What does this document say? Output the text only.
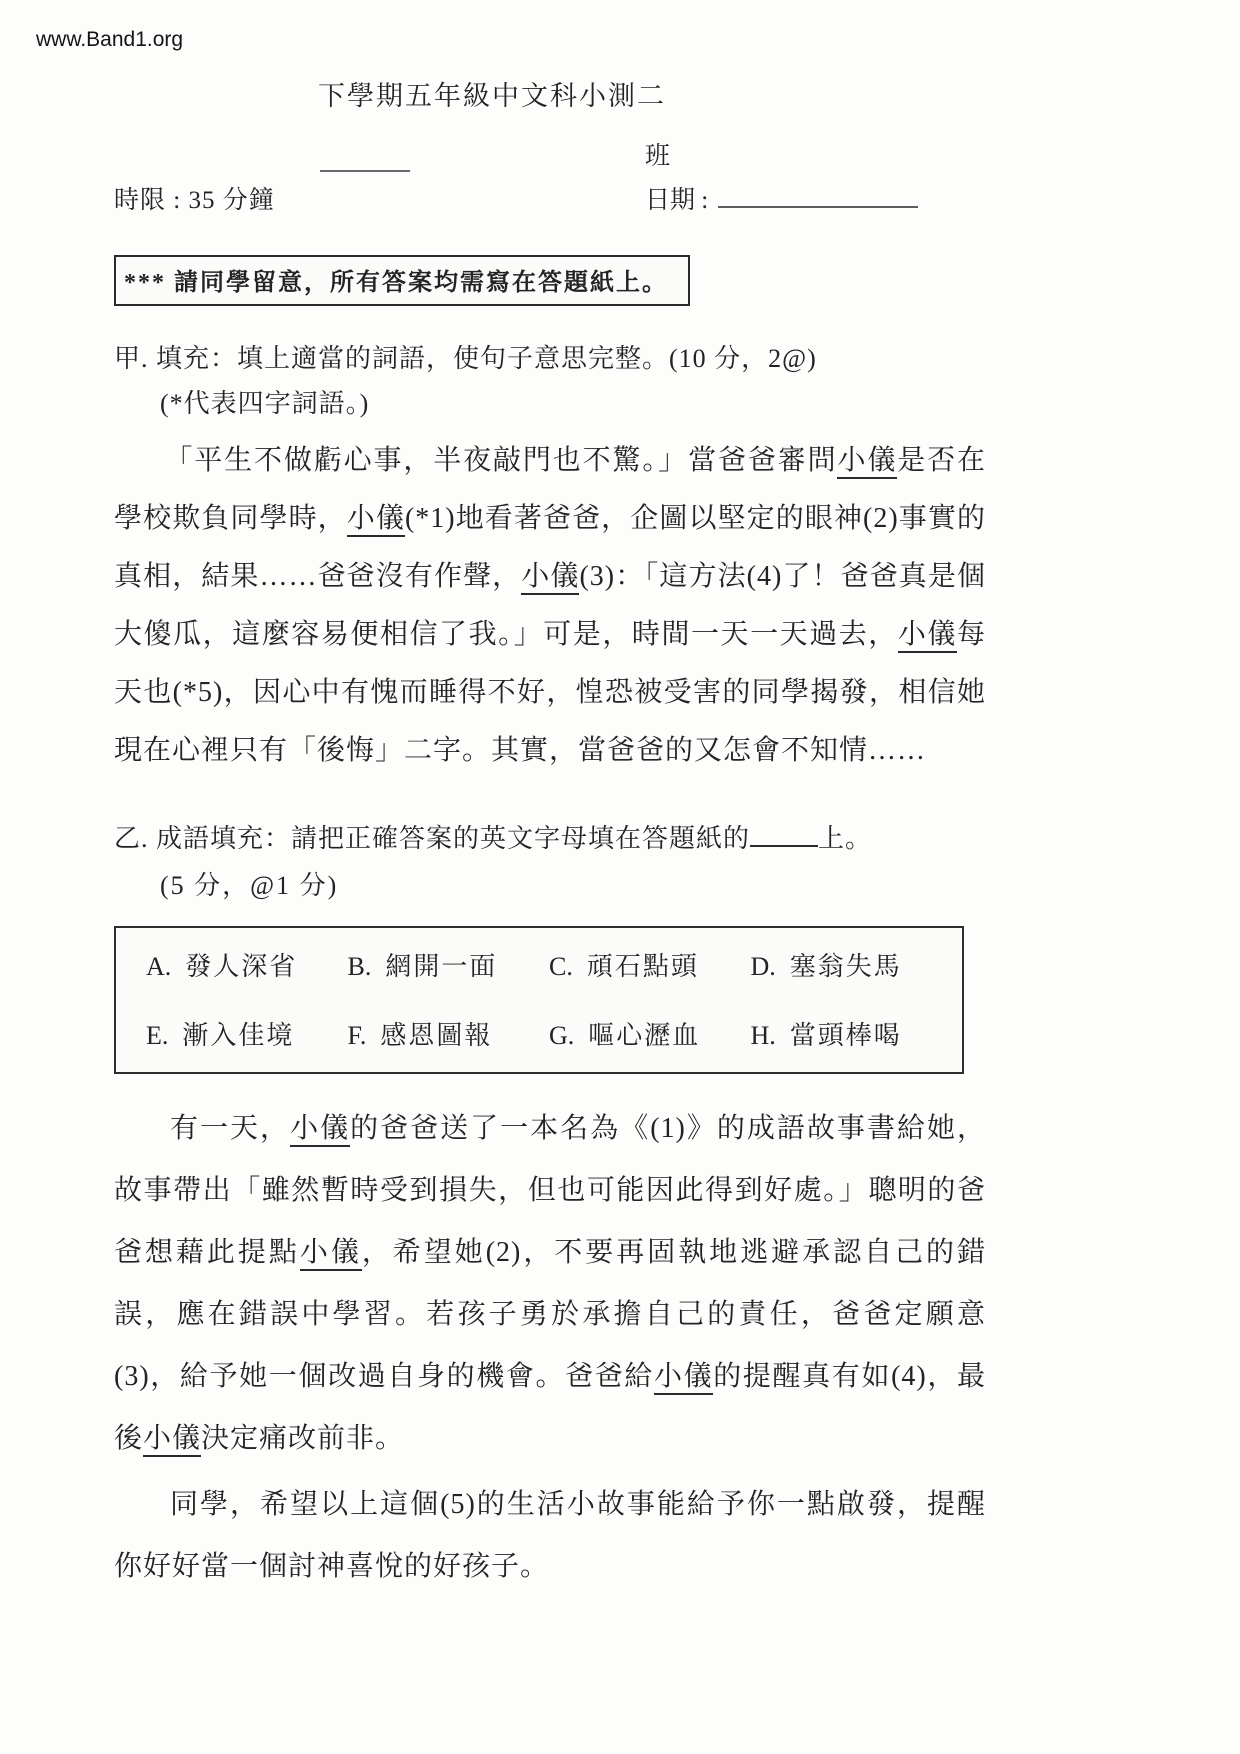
www.Band1.org
下學期五年級中文科小測二
班
時限 : 35 分鐘	日期 :
*** 請同學留意，所有答案均需寫在答題紙上。
甲. 填充：填上適當的詞語，使句子意思完整。(10 分，2@)
(*代表四字詞語。)
「平生不做虧心事，半夜敲門也不驚。」當爸爸審問小儀是否在學校欺負同學時，小儀(*1)地看著爸爸，企圖以堅定的眼神(2)事實的真相，結果……爸爸沒有作聲，小儀(3)：「這方法(4)了！爸爸真是個大傻瓜，這麼容易便相信了我。」可是，時間一天一天過去，小儀每天也(*5)，因心中有愧而睡得不好，惶恐被受害的同學揭發，相信她現在心裡只有「後悔」二字。其實，當爸爸的又怎會不知情……
乙. 成語填充：請把正確答案的英文字母填在答題紙的	上。
(5 分，@1 分)
A. 發人深省	B. 網開一面	C. 頑石點頭	D. 塞翁失馬
E. 漸入佳境	F. 感恩圖報	G. 嘔心瀝血	H. 當頭棒喝
有一天，小儀的爸爸送了一本名為《(1)》的成語故事書給她，故事帶出「雖然暫時受到損失，但也可能因此得到好處。」聰明的爸爸想藉此提點小儀，希望她(2)，不要再固執地逃避承認自己的錯誤，應在錯誤中學習。若孩子勇於承擔自己的責任，爸爸定願意(3)，給予她一個改過自身的機會。爸爸給小儀的提醒真有如(4)，最後小儀決定痛改前非。
同學，希望以上這個(5)的生活小故事能給予你一點啟發，提醒你好好當一個討神喜悅的好孩子。
